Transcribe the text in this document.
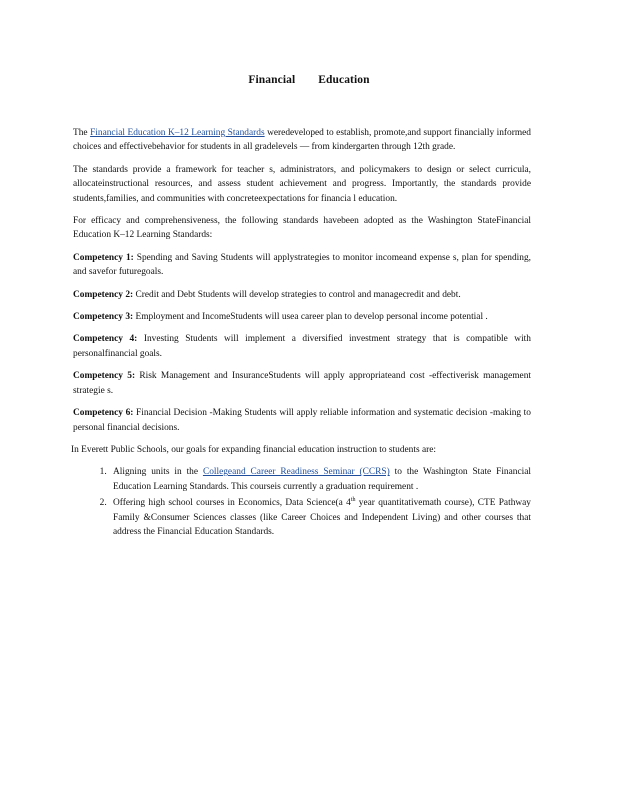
Financial Education

The Financial Education K–12 Learning Standards weredeveloped to establish, promote,and support financially informed choices and effectivebehavior for students in all gradelevels — from kindergarten through 12th grade.

The standards provide a framework for teacher s, administrators, and policymakers to design or select curricula, allocateinstructional resources, and assess student achievement and progress. Importantly, the standards provide students,families, and communities with concreteexpectations for financia l education.

For efficacy and comprehensiveness, the following standards havebeen adopted as the Washington StateFinancial Education K–12 Learning Standards:

Competency 1: Spending and Saving Students will applystrategies to monitor incomeand expense s, plan for spending, and savefor futuregoals.

Competency 2: Credit and Debt Students will develop strategies to control and managecredit and debt.

Competency 3: Employment and IncomeStudents will usea career plan to develop personal income potential .

Competency 4: Investing Students will implement a diversified investment strategy that is compatible with personalfinancial goals.

Competency 5: Risk Management and InsuranceStudents will apply appropriateand cost -effectiverisk management strategie s.

Competency 6: Financial Decision -Making Students will apply reliable information and systematic decision -making to personal financial decisions.

In Everett Public Schools, our goals for expanding financial education instruction to students are:

1. Aligning units in the Collegeand Career Readiness Seminar (CCRS) to the Washington State Financial Education Learning Standards. This courseis currently a graduation requirement .
2. Offering high school courses in Economics, Data Science(a 4th year quantitativemath course), CTE Pathway Family &Consumer Sciences classes (like Career Choices and Independent Living) and other courses that address the Financial Education Standards.
